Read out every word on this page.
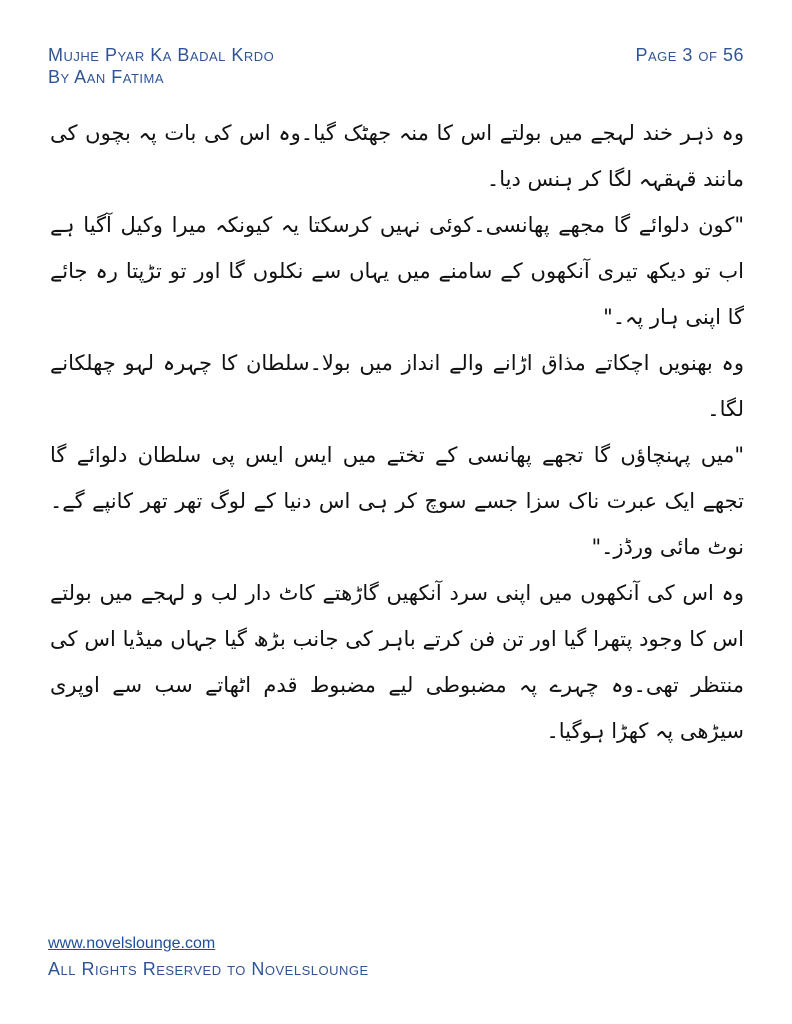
Mujhe Pyar Ka Badal Krdo
By Aan Fatima
Page 3 of 56

وہ ذہر خند لہجے میں بولتے اس کا منہ جھٹک گیا۔وہ اس کی بات پہ بچوں کی مانند قہقہہ لگا کر ہنس دیا۔

"کون دلوائے گا مجھے پھانسی۔کوئی نہیں کرسکتا یہ کیونکہ میرا وکیل آگیا ہے اب تو دیکھ تیری آنکھوں کے سامنے میں یہاں سے نکلوں گا اور تو تڑپتا رہ جائے گا اپنی ہار پہ۔"

وہ بھنویں اچکاتے مذاق اڑانے والے انداز میں بولا۔سلطان کا چہرہ لہو چھلکانے لگا۔

"میں پہنچاؤں گا تجھے پھانسی کے تختے میں ایس ایس پی سلطان دلوائے گا تجھے ایک عبرت ناک سزا جسے سوچ کر ہی اس دنیا کے لوگ تھر تھر کانپے گے۔نوٹ مائی ورڈز۔"

وہ اس کی آنکھوں میں اپنی سرد آنکھیں گاڑھتے کاٹ دار لب و لہجے میں بولتے اس کا وجود پتھرا گیا اور تن فن کرتے باہر کی جانب بڑھ گیا جہاں میڈیا اس کی منتظر تھی۔وہ چہرے پہ مضبوطی لیے مضبوط قدم اٹھاتے سب سے اوپری سیڑھی پہ کھڑا ہوگیا۔

www.novelslounge.com
All Rights Reserved to Novelslounge
